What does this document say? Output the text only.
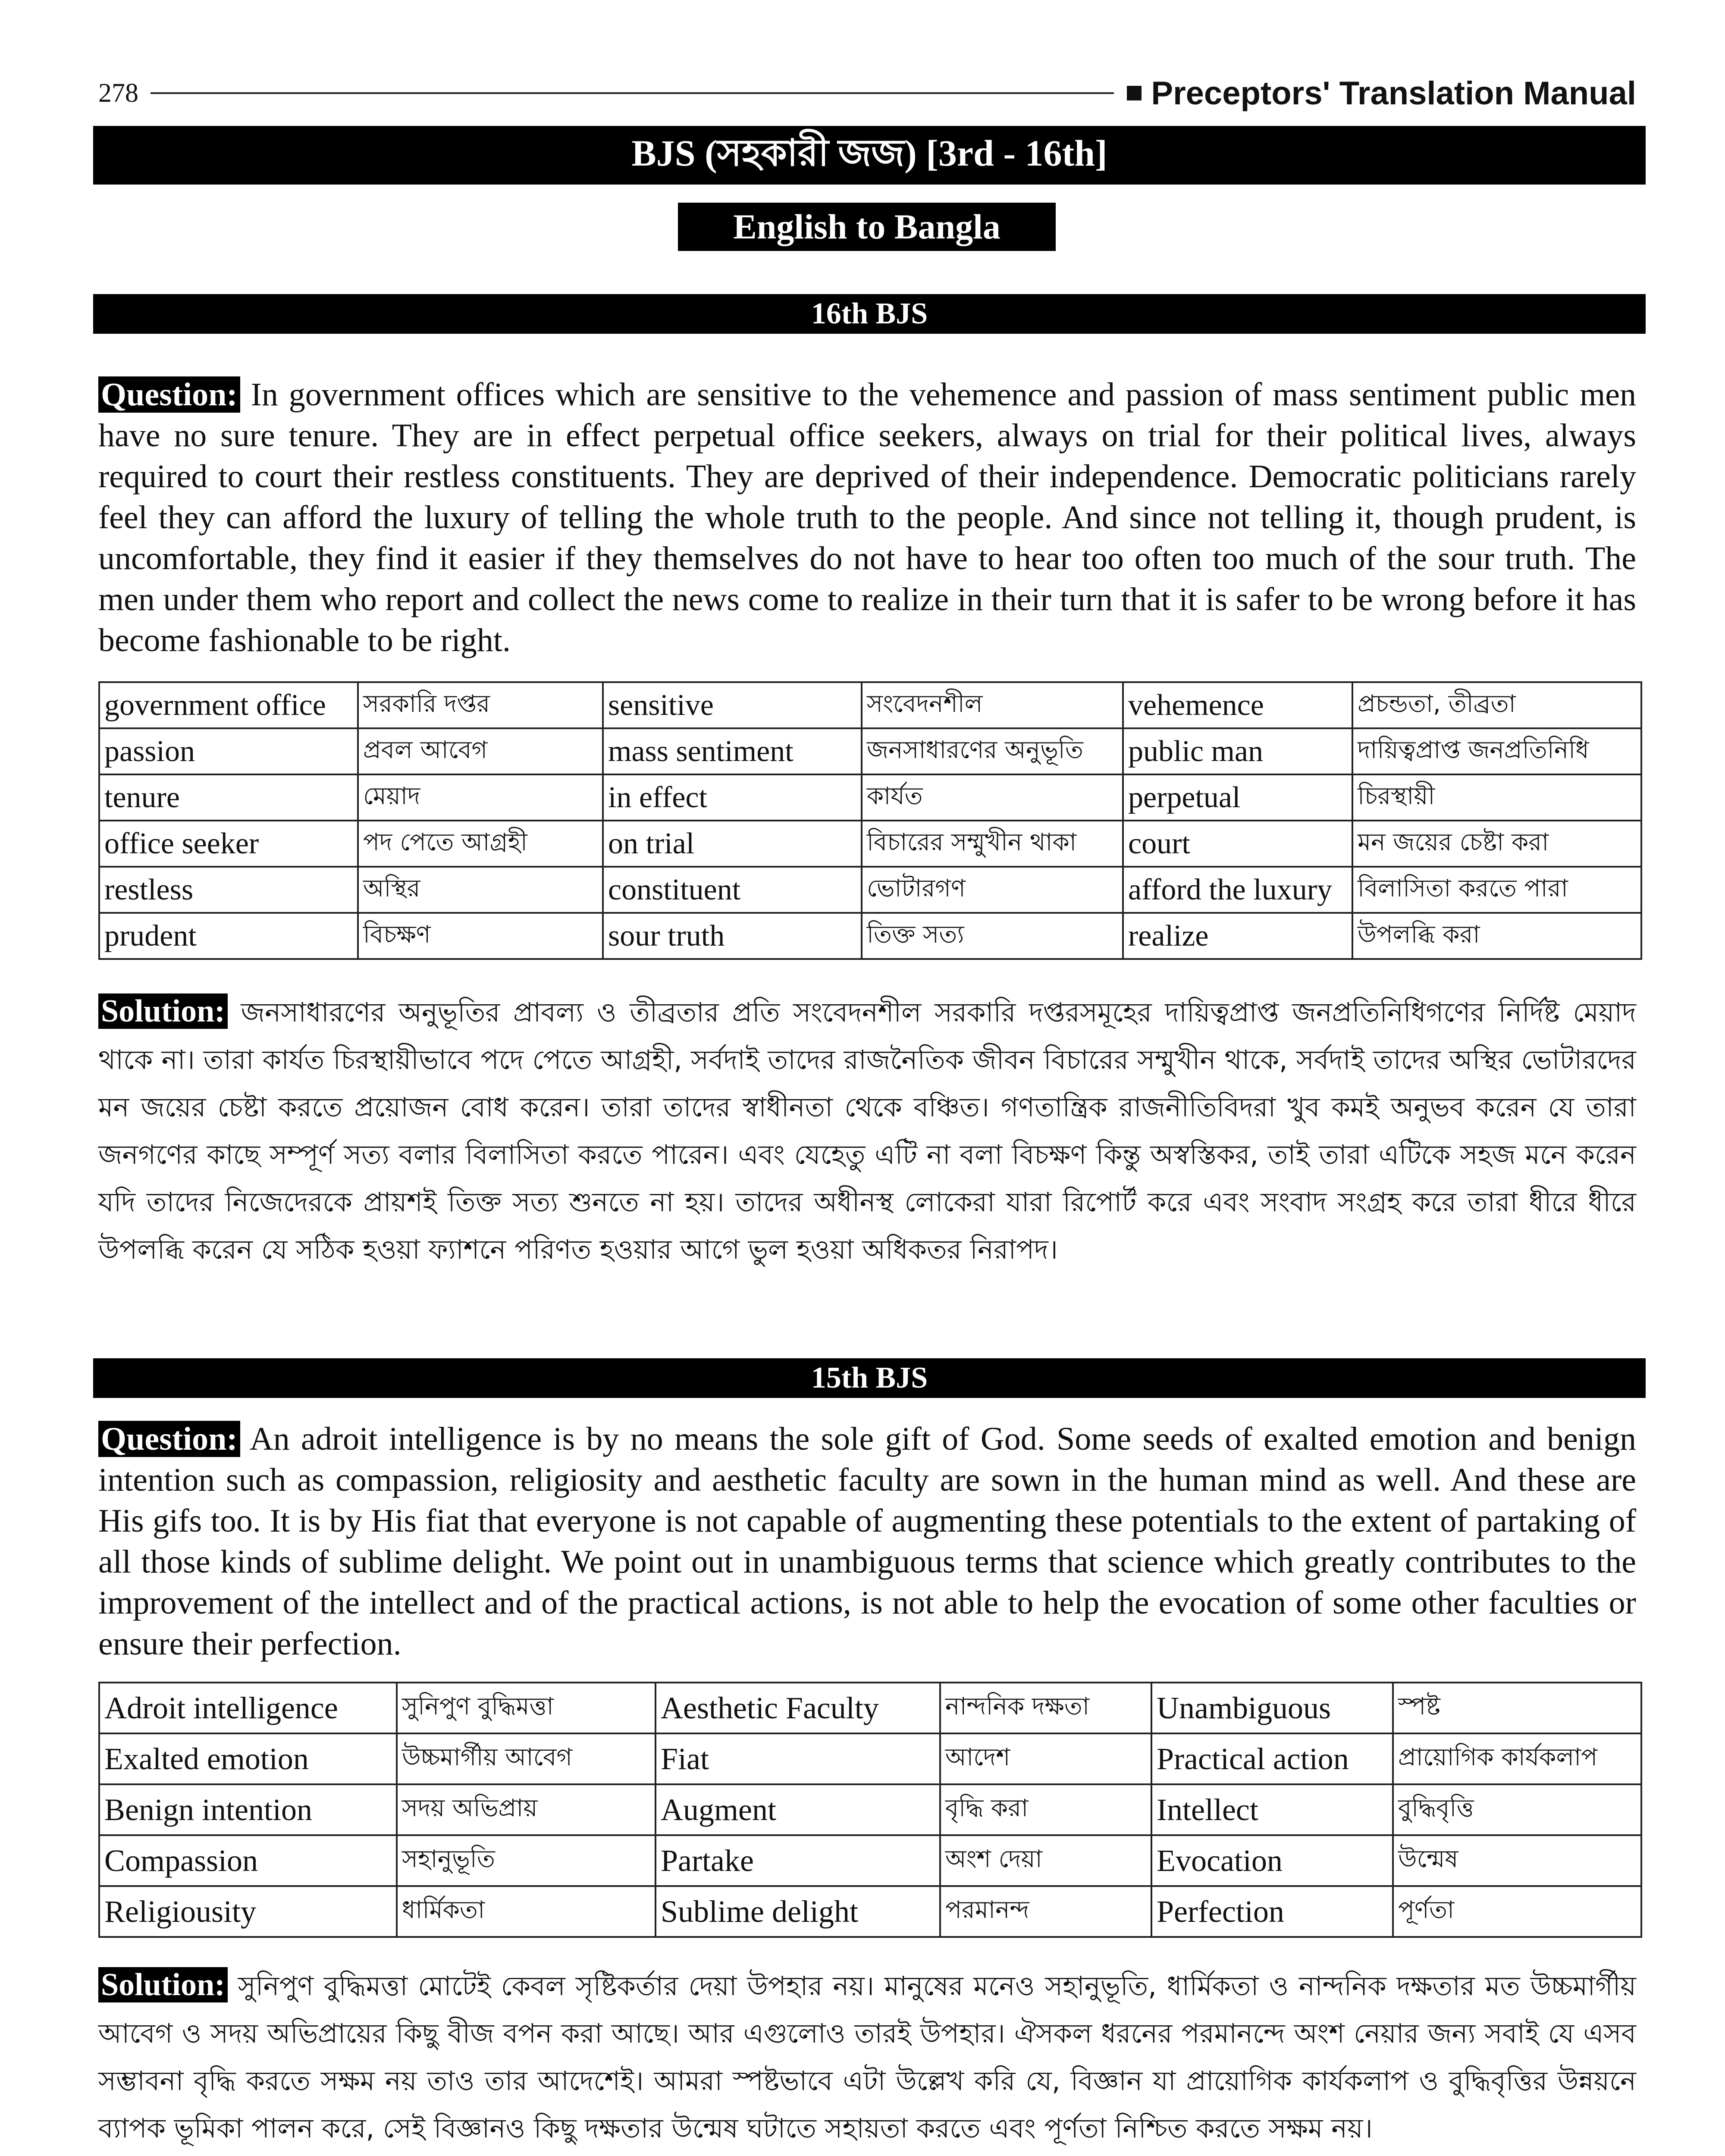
278	Preceptors' Translation Manual
BJS (সহকারী জজ) [3rd - 16th]
English to Bangla
16th BJS
Question: In government offices which are sensitive to the vehemence and passion of mass sentiment public men have no sure tenure. They are in effect perpetual office seekers, always on trial for their political lives, always required to court their restless constituents. They are deprived of their independence. Democratic politicians rarely feel they can afford the luxury of telling the whole truth to the people. And since not telling it, though prudent, is uncomfortable, they find it easier if they themselves do not have to hear too often too much of the sour truth. The men under them who report and collect the news come to realize in their turn that it is safer to be wrong before it has become fashionable to be right.
government office	সরকারি দপ্তর	sensitive	সংবেদনশীল	vehemence	প্রচন্ডতা, তীব্রতা
passion	প্রবল আবেগ	mass sentiment	জনসাধারণের অনুভূতি	public man	দায়িত্বপ্রাপ্ত জনপ্রতিনিধি
tenure	মেয়াদ	in effect	কার্যত	perpetual	চিরস্থায়ী
office seeker	পদ পেতে আগ্রহী	on trial	বিচারের সম্মুখীন থাকা	court	মন জয়ের চেষ্টা করা
restless	অস্থির	constituent	ভোটারগণ	afford the luxury	বিলাসিতা করতে পারা
prudent	বিচক্ষণ	sour truth	তিক্ত সত্য	realize	উপলব্ধি করা
Solution: জনসাধারণের অনুভূতির প্রাবল্য ও তীব্রতার প্রতি সংবেদনশীল সরকারি দপ্তরসমূহের দায়িত্বপ্রাপ্ত জনপ্রতিনিধিগণের নির্দিষ্ট মেয়াদ থাকে না। তারা কার্যত চিরস্থায়ীভাবে পদে পেতে আগ্রহী, সর্বদাই তাদের রাজনৈতিক জীবন বিচারের সম্মুখীন থাকে, সর্বদাই তাদের অস্থির ভোটারদের মন জয়ের চেষ্টা করতে প্রয়োজন বোধ করেন। তারা তাদের স্বাধীনতা থেকে বঞ্চিত। গণতান্ত্রিক রাজনীতিবিদরা খুব কমই অনুভব করেন যে তারা জনগণের কাছে সম্পূর্ণ সত্য বলার বিলাসিতা করতে পারেন। এবং যেহেতু এটি না বলা বিচক্ষণ কিন্তু অস্বস্তিকর, তাই তারা এটিকে সহজ মনে করেন যদি তাদের নিজেদেরকে প্রায়শই তিক্ত সত্য শুনতে না হয়। তাদের অধীনস্থ লোকেরা যারা রিপোর্ট করে এবং সংবাদ সংগ্রহ করে তারা ধীরে ধীরে উপলব্ধি করেন যে সঠিক হওয়া ফ্যাশনে পরিণত হওয়ার আগে ভুল হওয়া অধিকতর নিরাপদ।
15th BJS
Question: An adroit intelligence is by no means the sole gift of God. Some seeds of exalted emotion and benign intention such as compassion, religiosity and aesthetic faculty are sown in the human mind as well. And these are His gifs too. It is by His fiat that everyone is not capable of augmenting these potentials to the extent of partaking of all those kinds of sublime delight. We point out in unambiguous terms that science which greatly contributes to the improvement of the intellect and of the practical actions, is not able to help the evocation of some other faculties or ensure their perfection.
Adroit intelligence	সুনিপুণ বুদ্ধিমত্তা	Aesthetic Faculty	নান্দনিক দক্ষতা	Unambiguous	স্পষ্ট
Exalted emotion	উচ্চমার্গীয় আবেগ	Fiat	আদেশ	Practical action	প্রায়োগিক কার্যকলাপ
Benign intention	সদয় অভিপ্রায়	Augment	বৃদ্ধি করা	Intellect	বুদ্ধিবৃত্তি
Compassion	সহানুভূতি	Partake	অংশ দেয়া	Evocation	উন্মেষ
Religiousity	ধার্মিকতা	Sublime delight	পরমানন্দ	Perfection	পূর্ণতা
Solution: সুনিপুণ বুদ্ধিমত্তা মোটেই কেবল সৃষ্টিকর্তার দেয়া উপহার নয়। মানুষের মনেও সহানুভূতি, ধার্মিকতা ও নান্দনিক দক্ষতার মত উচ্চমার্গীয় আবেগ ও সদয় অভিপ্রায়ের কিছু বীজ বপন করা আছে। আর এগুলোও তারই উপহার। ঐসকল ধরনের পরমানন্দে অংশ নেয়ার জন্য সবাই যে এসব সম্ভাবনা বৃদ্ধি করতে সক্ষম নয় তাও তার আদেশেই। আমরা স্পষ্টভাবে এটা উল্লেখ করি যে, বিজ্ঞান যা প্রায়োগিক কার্যকলাপ ও বুদ্ধিবৃত্তির উন্নয়নে ব্যাপক ভূমিকা পালন করে, সেই বিজ্ঞানও কিছু দক্ষতার উন্মেষ ঘটাতে সহায়তা করতে এবং পূর্ণতা নিশ্চিত করতে সক্ষম নয়।
